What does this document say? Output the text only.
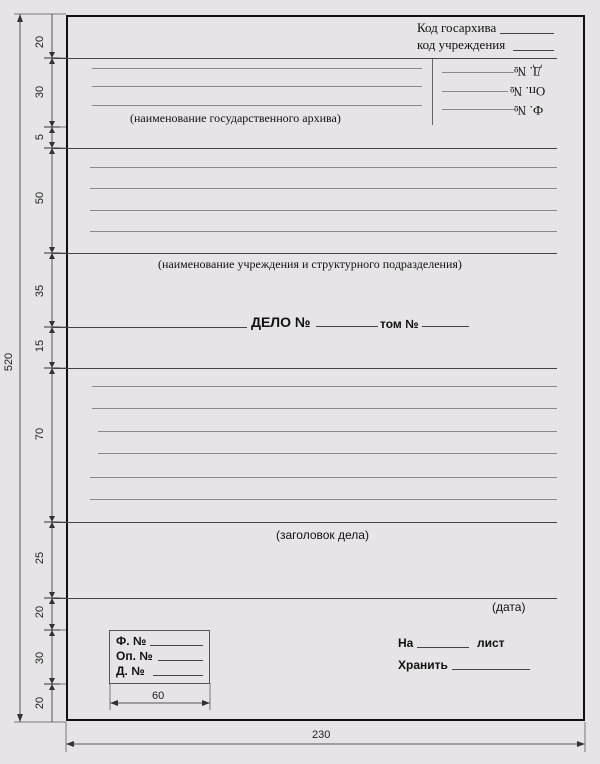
20
30
5
50
35
15
70
25
20
30
20
520
230
60
Код госархива
код учреждения
(наименование государственного архива)
Д. №
Оп. №
Ф. №
(наименование учреждения и структурного подразделения)
ДЕЛО №	том №
(заголовок дела)
(дата)
Ф. №
Оп. №
Д. №
На	лист
Хранить
